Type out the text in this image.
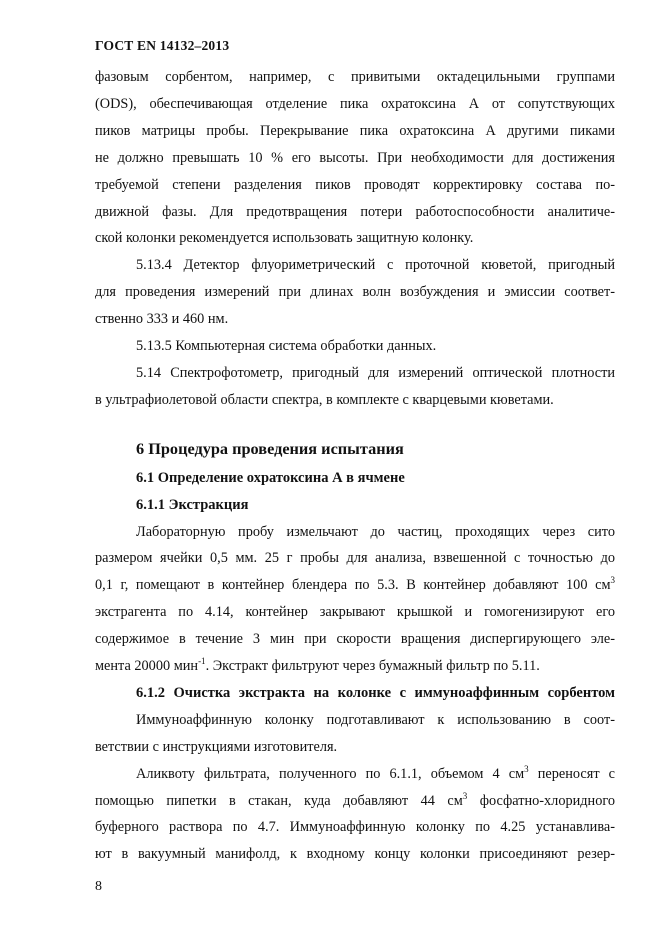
ГОСТ EN 14132–2013

фазовым сорбентом, например, с привитыми октадецильными группами

(ODS), обеспечивающая отделение пика охратоксина А от сопутствующих

пиков матрицы пробы. Перекрывание пика охратоксина А другими пиками

не должно превышать 10 % его высоты. При необходимости для достижения

требуемой степени разделения пиков проводят корректировку состава по-

движной фазы. Для предотвращения потери работоспособности аналитиче-

ской колонки рекомендуется использовать защитную колонку.

5.13.4 Детектор флуориметрический с проточной кюветой, пригодный

для проведения измерений при длинах волн возбуждения и эмиссии соответ-

ственно 333 и 460 нм.

5.13.5 Компьютерная система обработки данных.

5.14 Спектрофотометр, пригодный для измерений оптической плотности

в ультрафиолетовой области спектра, в комплекте с кварцевыми кюветами.

6 Процедура проведения испытания

6.1 Определение охратоксина А в ячмене

6.1.1 Экстракция

Лабораторную пробу измельчают до частиц, проходящих через сито

размером ячейки 0,5 мм. 25 г пробы для анализа, взвешенной с точностью до

0,1 г, помещают в контейнер блендера по 5.3. В контейнер добавляют 100 $см^3$

экстрагента по 4.14, контейнер закрывают крышкой и гомогенизируют его

содержимое в течение 3 мин при скорости вращения диспергирующего эле-

мента 20000 мин$^{-1}$. Экстракт фильтруют через бумажный фильтр по 5.11.

6.1.2 Очистка экстракта на колонке с иммуноаффинным сорбентом

Иммуноаффинную колонку подготавливают к использованию в соот-

ветствии с инструкциями изготовителя.

Аликвоту фильтрата, полученного по 6.1.1, объемом 4 $см^3$ переносят с

помощью пипетки в стакан, куда добавляют 44 $см^3$ фосфатно-хлоридного

буферного раствора по 4.7. Иммуноаффинную колонку по 4.25 устанавлива-

ют в вакуумный манифолд, к входному концу колонки присоединяют резер-

8
